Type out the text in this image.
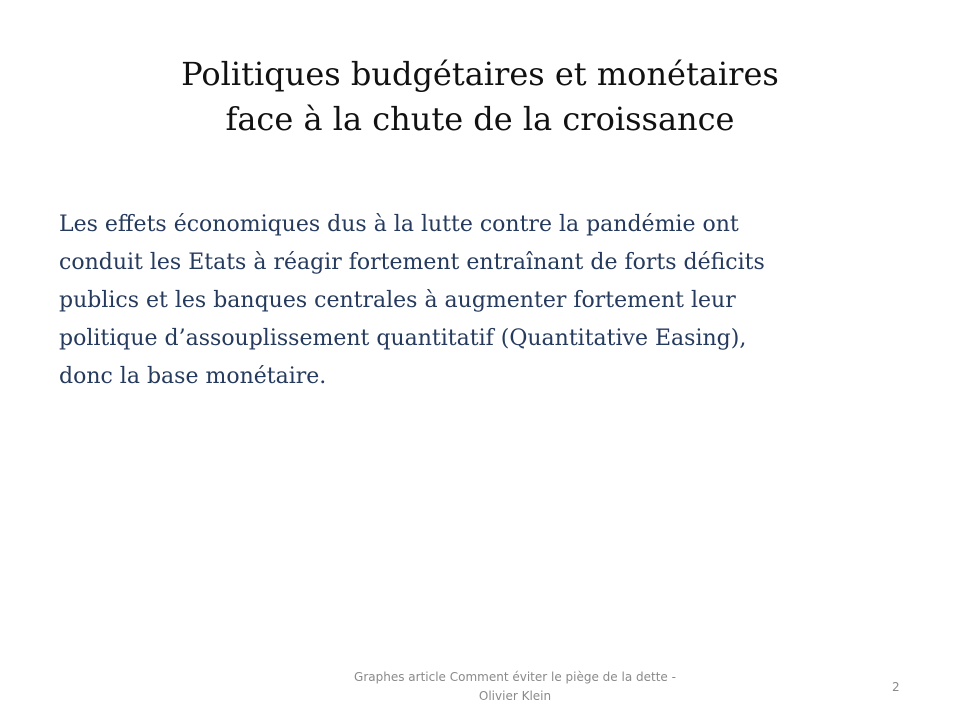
Politiques budgétaires et monétaires
face à la chute de la croissance
Les effets économiques dus à la lutte contre la pandémie ont
conduit les Etats à réagir fortement entraînant de forts déficits
publics et les banques centrales à augmenter fortement leur
politique d’assouplissement quantitatif (Quantitative Easing),
donc la base monétaire.
Graphes article Comment éviter le piège de la dette -
Olivier Klein
2
